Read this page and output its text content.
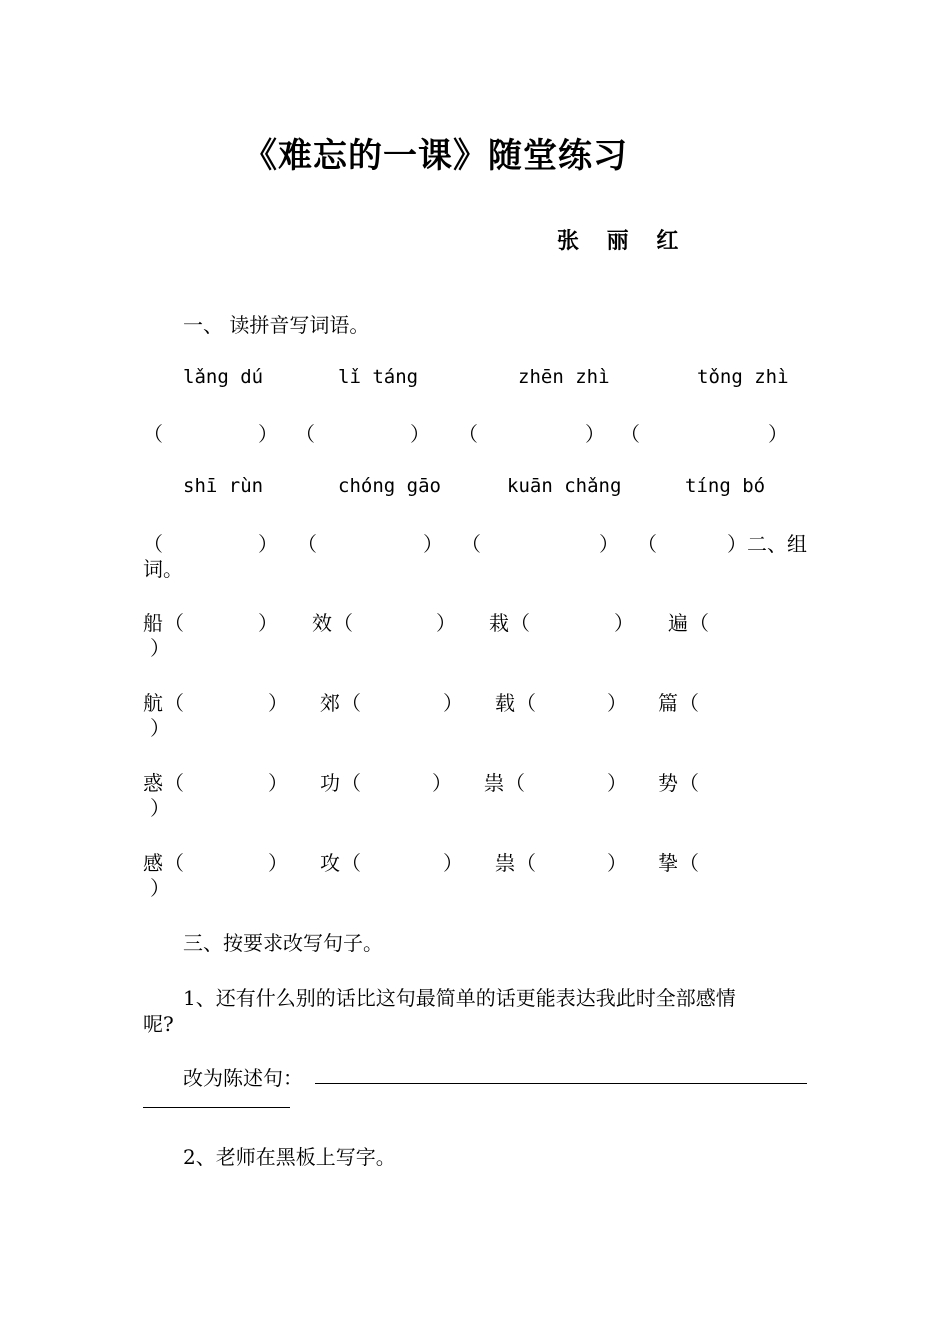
《难忘的一课》随堂练习
张 丽 红
一、 读拼音写词语。
lǎng dú	lǐ táng	zhēn zhì	tǒng zhì
（	） （	） （	） （	）
shī rùn	chóng gāo	kuān chǎng	tíng bó
（	） （	） （	） （	） 二、组
词。
船 （	） 效 （	） 栽 （	） 遍 （
）
航 （	） 郊 （	） 载 （	） 篇 （
）
惑 （	） 功 （	） 祟 （	） 势 （
）
感 （	） 攻 （	） 祟 （	） 挚 （
）
三、按要求改写句子。
1、还有什么别的话比这句最简单的话更能表达我此时全部感情
呢?
改为陈述句：
2、老师在黑板上写字。
